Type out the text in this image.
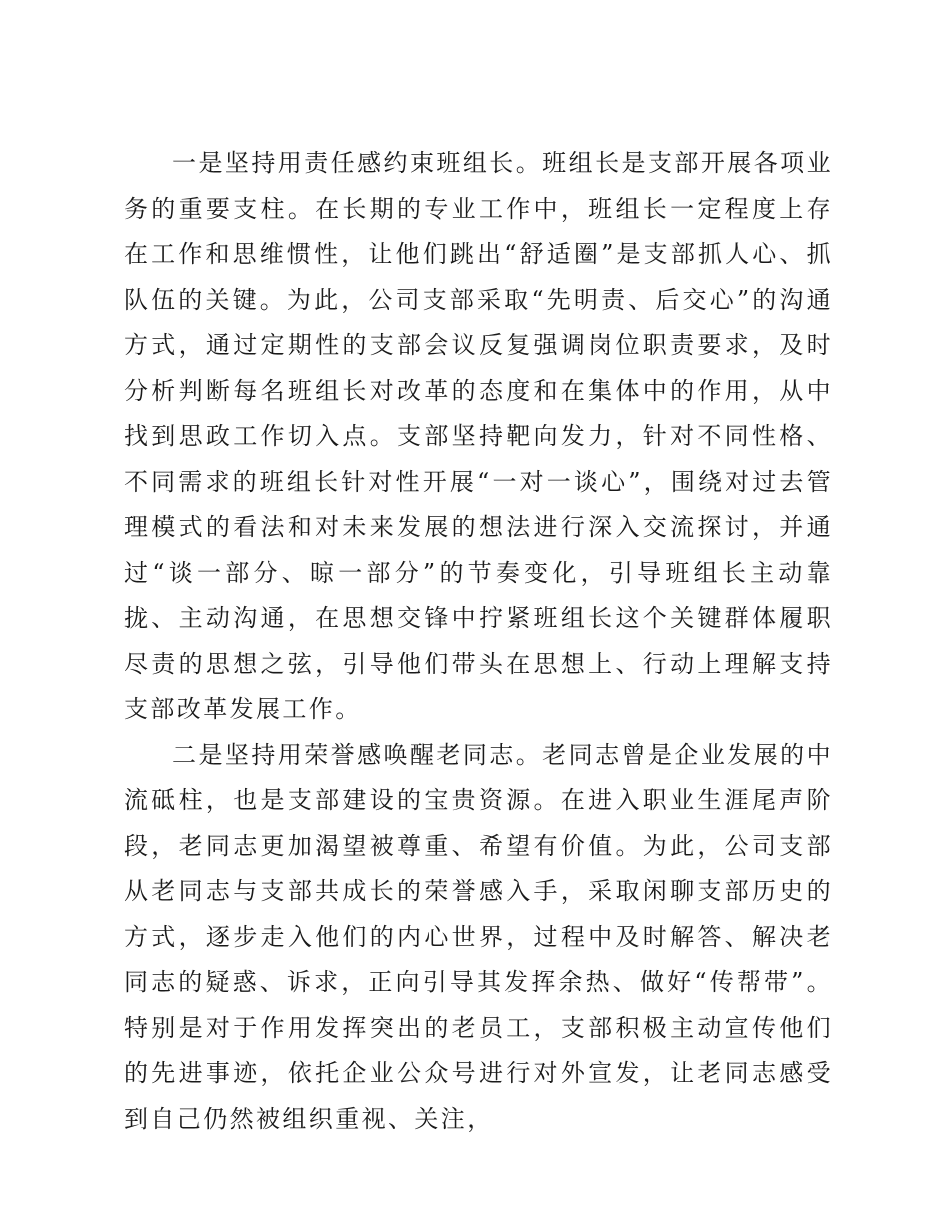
一是坚持用责任感约束班组长。班组长是支部开展各项业务的重要支柱。在长期的专业工作中，班组长一定程度上存在工作和思维惯性，让他们跳出“舒适圈”是支部抓人心、抓队伍的关键。为此，公司支部采取“先明责、后交心”的沟通方式，通过定期性的支部会议反复强调岗位职责要求，及时分析判断每名班组长对改革的态度和在集体中的作用，从中找到思政工作切入点。支部坚持靶向发力，针对不同性格、不同需求的班组长针对性开展“一对一谈心”，围绕对过去管理模式的看法和对未来发展的想法进行深入交流探讨，并通过“谈一部分、晾一部分”的节奏变化，引导班组长主动靠拢、主动沟通，在思想交锋中拧紧班组长这个关键群体履职尽责的思想之弦，引导他们带头在思想上、行动上理解支持支部改革发展工作。

二是坚持用荣誉感唤醒老同志。老同志曾是企业发展的中流砥柱，也是支部建设的宝贵资源。在进入职业生涯尾声阶段，老同志更加渴望被尊重、希望有价值。为此，公司支部从老同志与支部共成长的荣誉感入手，采取闲聊支部历史的方式，逐步走入他们的内心世界，过程中及时解答、解决老同志的疑惑、诉求，正向引导其发挥余热、做好“传帮带”。特别是对于作用发挥突出的老员工，支部积极主动宣传他们的先进事迹，依托企业公众号进行对外宣发，让老同志感受到自己仍然被组织重视、关注，
